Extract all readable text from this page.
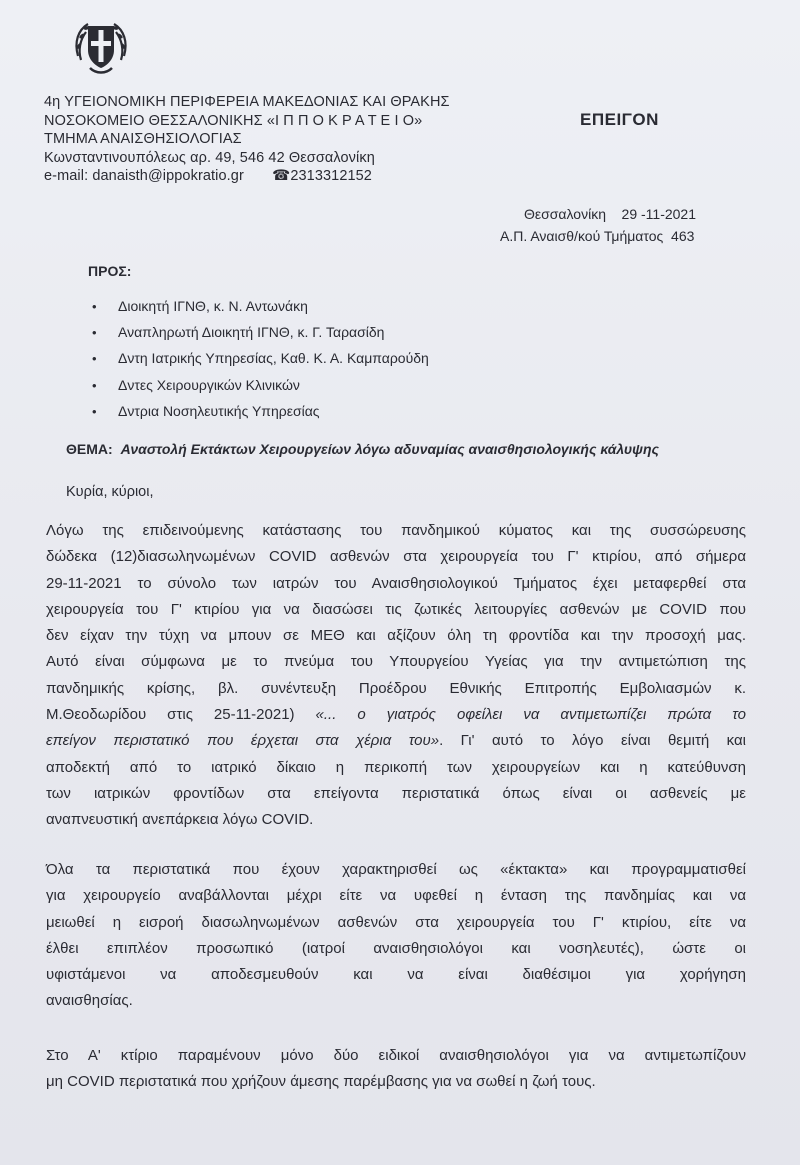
4η ΥΓΕΙΟΝΟΜΙΚΗ ΠΕΡΙΦΕΡΕΙΑ ΜΑΚΕΔΟΝΙΑΣ ΚΑΙ ΘΡΑΚΗΣ
ΝΟΣΟΚΟΜΕΙΟ ΘΕΣΣΑΛΟΝΙΚΗΣ «Ι Π Π Ο Κ Ρ Α Τ Ε Ι Ο»
ΤΜΗΜΑ ΑΝΑΙΣΘΗΣΙΟΛΟΓΙΑΣ
Κωνσταντινουπόλεως αρ. 49, 546 42 Θεσσαλονίκη
e-mail: danaisth@ippokratio.gr ☎2313312152
ΕΠΕΙΓΟΝ
Θεσσαλονίκη    29 -11-2021
Α.Π. Αναισθ/κού Τμήματος  463
ΠΡΟΣ:
• Διοικητή ΙΓΝΘ, κ. Ν. Αντωνάκη
• Αναπληρωτή Διοικητή ΙΓΝΘ, κ. Γ. Ταρασίδη
• Δντη Ιατρικής Υπηρεσίας, Καθ. Κ. Α. Καμπαρούδη
• Δντες Χειρουργικών Κλινικών
• Δντρια Νοσηλευτικής Υπηρεσίας
ΘΕΜΑ: Αναστολή Εκτάκτων Χειρουργείων λόγω αδυναμίας αναισθησιολογικής κάλυψης
Κυρία, κύριοι,
Λόγω της επιδεινούμενης κατάστασης του πανδημικού κύματος και της συσσώρευσης
δώδεκα (12)διασωληνωμένων COVID ασθενών στα χειρουργεία του Γ' κτιρίου, από σήμερα
29-11-2021 το σύνολο των ιατρών του Αναισθησιολογικού Τμήματος έχει μεταφερθεί στα
χειρουργεία του Γ' κτιρίου για να διασώσει τις ζωτικές λειτουργίες ασθενών με COVID που
δεν είχαν την τύχη να μπουν σε ΜΕΘ και αξίζουν όλη τη φροντίδα και την προσοχή μας.
Αυτό είναι σύμφωνα με το πνεύμα του Υπουργείου Υγείας για την αντιμετώπιση της
πανδημικής κρίσης, βλ. συνέντευξη Προέδρου Εθνικής Επιτροπής Εμβολιασμών κ.
Μ.Θεοδωρίδου στις 25-11-2021) «... ο γιατρός οφείλει να αντιμετωπίζει πρώτα το
επείγον περιστατικό που έρχεται στα χέρια του». Γι' αυτό το λόγο είναι θεμιτή και
αποδεκτή από το ιατρικό δίκαιο η περικοπή των χειρουργείων και η κατεύθυνση
των ιατρικών φροντίδων στα επείγοντα περιστατικά όπως είναι οι ασθενείς με
αναπνευστική ανεπάρκεια λόγω COVID.
Όλα τα περιστατικά που έχουν χαρακτηρισθεί ως «έκτακτα» και προγραμματισθεί
για χειρουργείο αναβάλλονται μέχρι είτε να υφεθεί η ένταση της πανδημίας και να
μειωθεί η εισροή διασωληνωμένων ασθενών στα χειρουργεία του Γ' κτιρίου, είτε να
έλθει επιπλέον προσωπικό (ιατροί αναισθησιολόγοι και νοσηλευτές), ώστε οι
υφιστάμενοι να αποδεσμευθούν και να είναι διαθέσιμοι για χορήγηση
αναισθησίας.
Στο Α' κτίριο παραμένουν μόνο δύο ειδικοί αναισθησιολόγοι για να αντιμετωπίζουν
μη COVID περιστατικά που χρήζουν άμεσης παρέμβασης για να σωθεί η ζωή τους.
